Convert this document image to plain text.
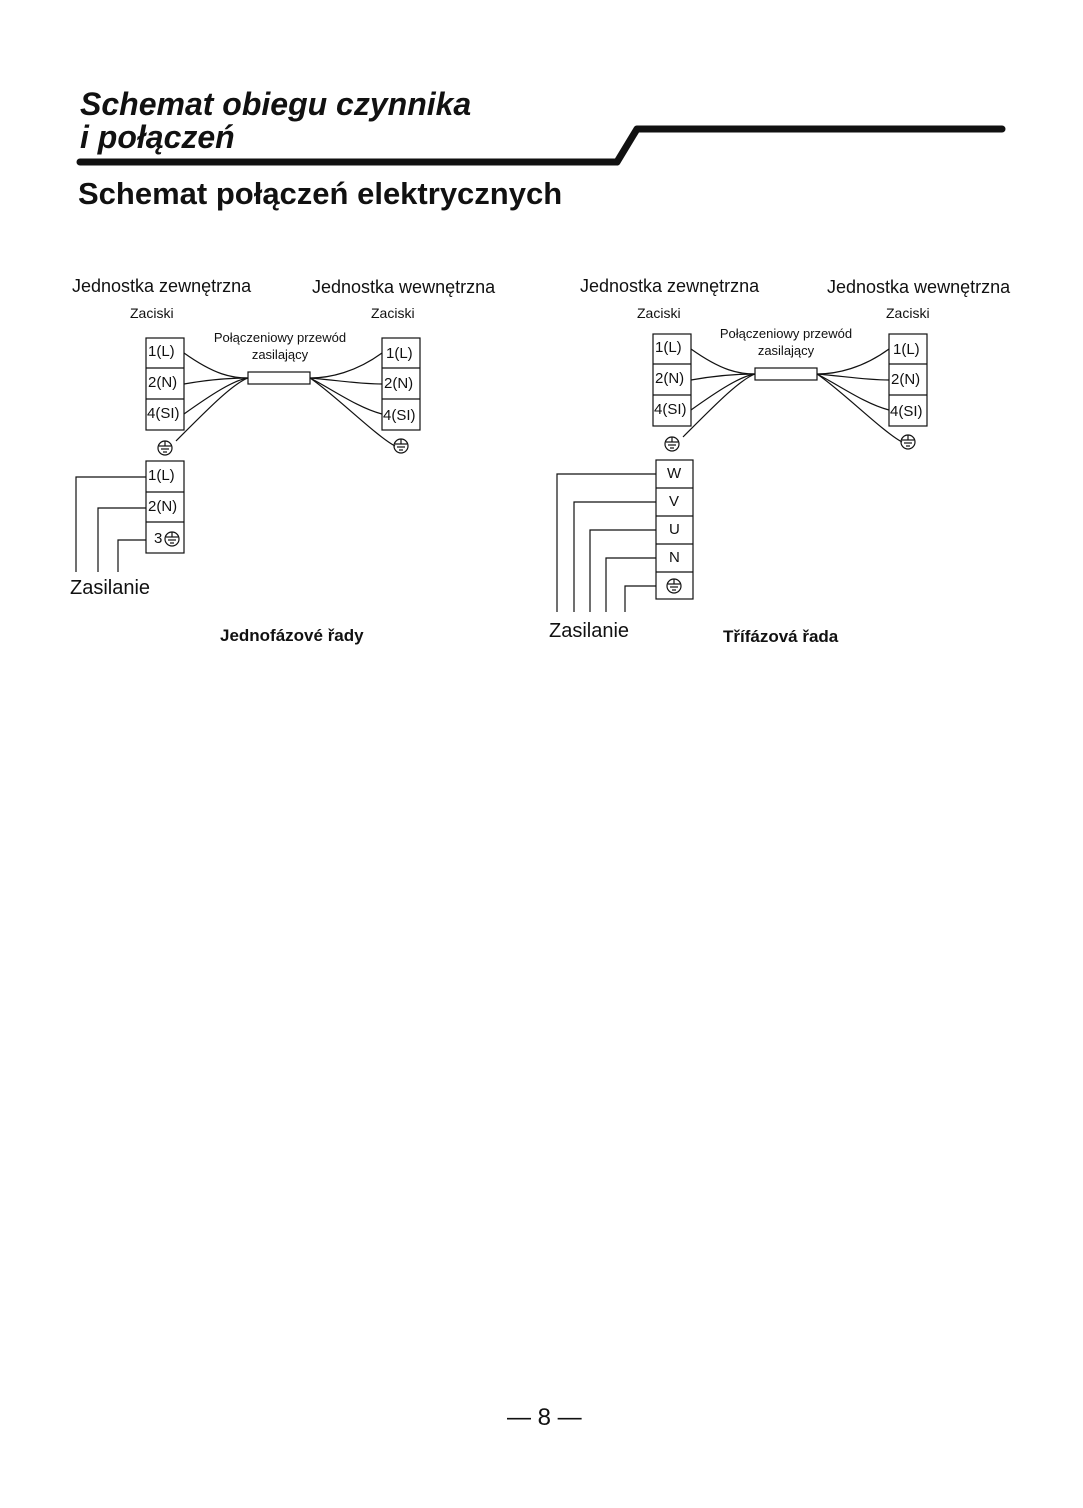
Schemat obiegu czynnika
i połączeń
Schemat połączeń elektrycznych
Jednostka zewnętrzna	Jednostka wewnętrzna
Zaciski	Zaciski
Połączeniowy przewód
zasilający
1(L)
2(N)
4(SI)
1(L)
2(N)
4(SI)
1(L)
2(N)
3
Zasilanie
Jednofázové řady
Jednostka zewnętrzna	Jednostka wewnętrzna
Zaciski	Zaciski
Połączeniowy przewód
zasilający
1(L)
2(N)
4(SI)
1(L)
2(N)
4(SI)
W
V
U
N
Zasilanie	Třífázová řada
— 8 —
